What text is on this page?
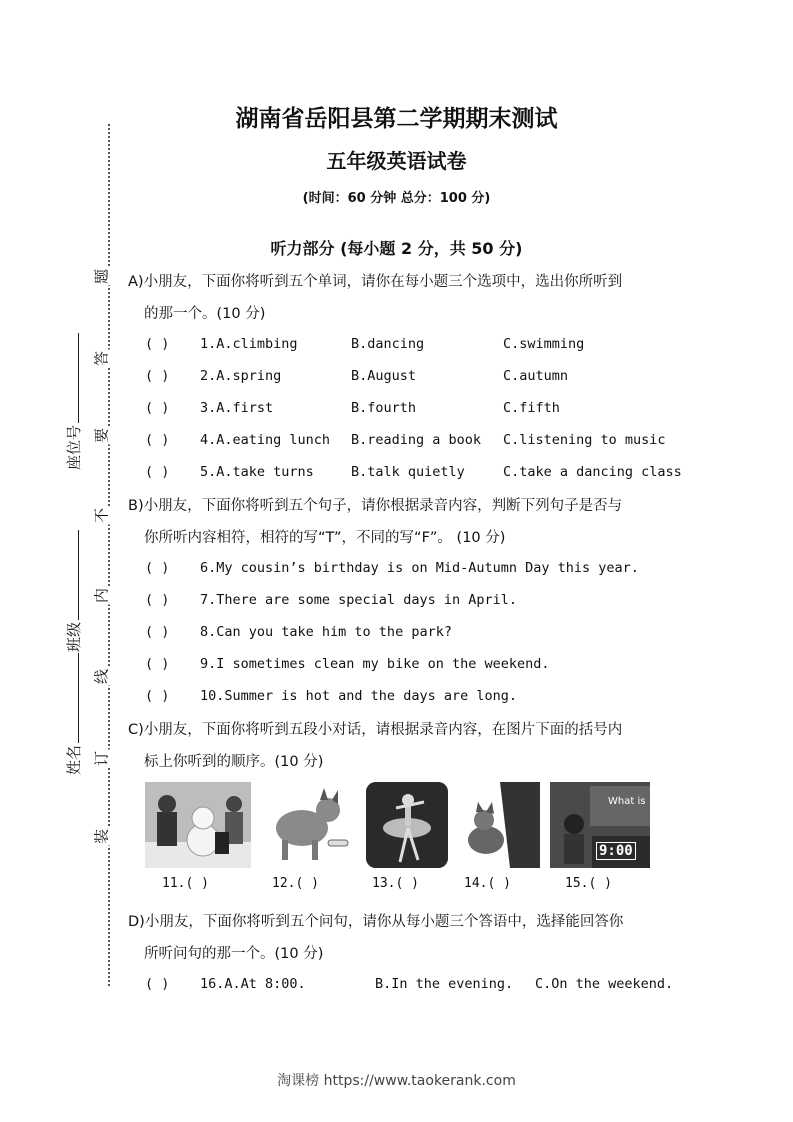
题
答
要
不
内
线
订
装
座位号
班级
姓名
湖南省岳阳县第二学期期末测试
五年级英语试卷
(时间：60 分钟 总分：100 分)
听力部分 (每小题 2 分，共 50 分)
A)小朋友，下面你将听到五个单词，请你在每小题三个选项中，选出你所听到
的那一个。(10 分)
( ) 1.A.climbing	B.dancing	C.swimming
( ) 2.A.spring	B.August	C.autumn
( ) 3.A.first	B.fourth	C.fifth
( ) 4.A.eating lunch B.reading a book C.listening to music
( ) 5.A.take turns	B.talk quietly	C.take a dancing class
B)小朋友，下面你将听到五个句子，请你根据录音内容，判断下列句子是否与
你所听内容相符，相符的写“T”，不同的写“F”。 (10 分)
( ) 6.My cousin’s birthday is on Mid-Autumn Day this year.
( ) 7.There are some special days in April.
( ) 8.Can you take him to the park?
( ) 9.I sometimes clean my bike on the weekend.
( ) 10.Summer is hot and the days are long.
C)小朋友，下面你将听到五段小对话，请根据录音内容，在图片下面的括号内
标上你听到的顺序。(10 分)
What is
9:00
11.( )	12.( )	13.( )	14.( )	15.( )
D)小朋友，下面你将听到五个问句，请你从每小题三个答语中，选择能回答你
所听问句的那一个。(10 分)
( ) 16.A.At 8:00.	B.In the evening. C.On the weekend.
淘课榜 https://www.taokerank.com
